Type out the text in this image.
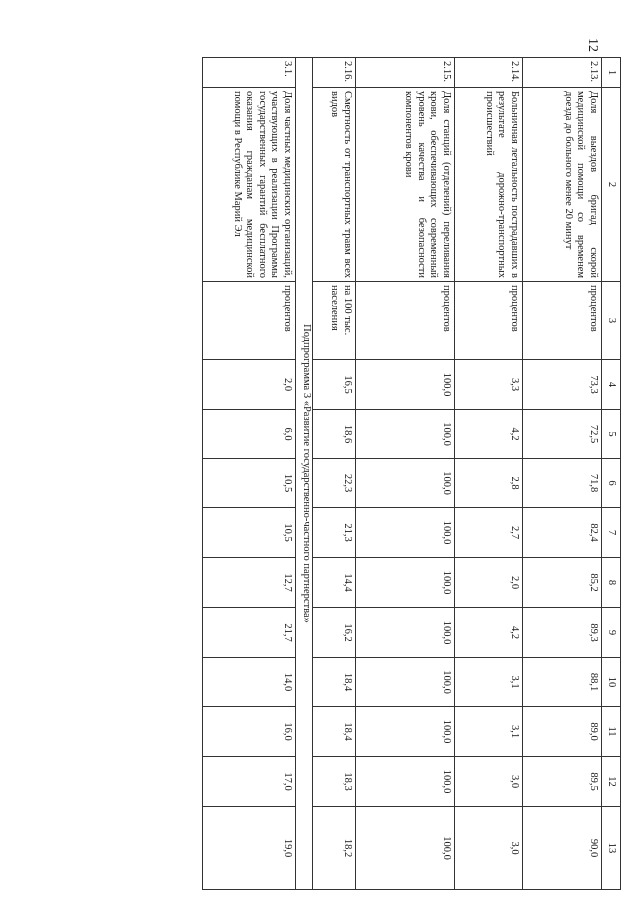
12
1	2	3	4	5	6	7	8	9	10	11	12	13
2.13.	Доля выездов бригад скорой медицинской помощи со временем доезда до больного менее 20 минут	процентов	73,3	72,5	71,8	82,4	85,2	89,3	88,1	89,0	89,5	90,0
2.14.	Больничная летальность пострадавших в результате дорожно-транспортных происшествий	процентов	3,3	4,2	2,8	2,7	2,0	4,2	3,1	3,1	3,0	3,0
2.15.	Доля станций (отделений) переливания крови, обеспечивающих современный уровень качества и безопасности компонентов крови	процентов	100,0	100,0	100,0	100,0	100,0	100,0	100,0	100,0	100,0	100,0
2.16.	Смертность от транспортных травм всех видов	на 100 тыс. населения	16,5	18,6	22,3	21,3	14,4	16,2	18,4	18,4	18,3	18,2
Подпрограмма 3 «Развитие государственно-частного партнерства»												
3.1.	Доля частных медицинских организаций, участвующих в реализации Программы государственных гарантий бесплатного оказания гражданам медицинской помощи в Республике Марий Эл	процентов	2,0	6,0	10,5	10,5	12,7	21,7	14,0	16,0	17,0	19,0
